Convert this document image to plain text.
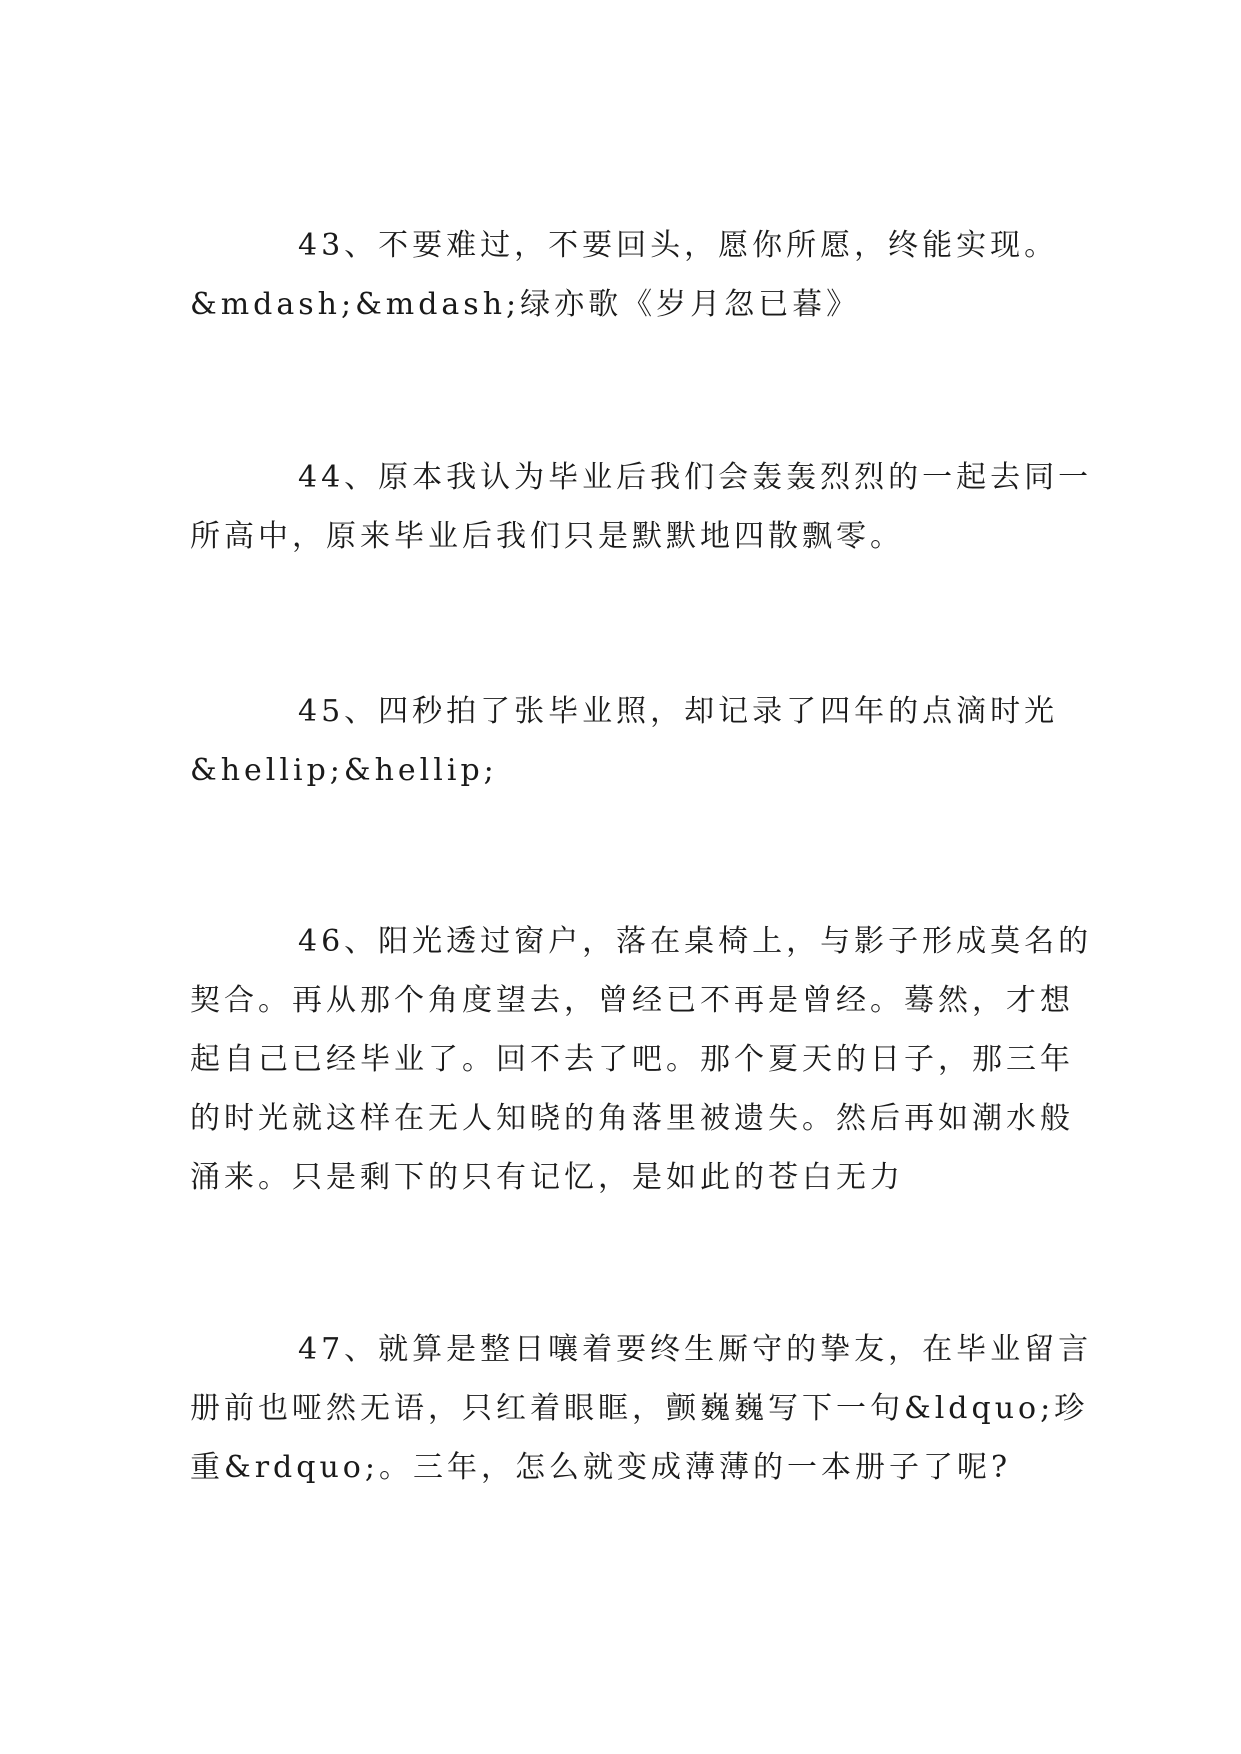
43、不要难过，不要回头，愿你所愿，终能实现。
&mdash;&mdash;绿亦歌《岁月忽已暮》

44、原本我认为毕业后我们会轰轰烈烈的一起去同一
所高中，原来毕业后我们只是默默地四散飘零。

45、四秒拍了张毕业照，却记录了四年的点滴时光
&hellip;&hellip;

46、阳光透过窗户，落在桌椅上，与影子形成莫名的
契合。再从那个角度望去，曾经已不再是曾经。蓦然，才想
起自己已经毕业了。回不去了吧。那个夏天的日子，那三年
的时光就这样在无人知晓的角落里被遗失。然后再如潮水般
涌来。只是剩下的只有记忆，是如此的苍白无力

47、就算是整日嚷着要终生厮守的挚友，在毕业留言
册前也哑然无语，只红着眼眶，颤巍巍写下一句&ldquo;珍
重&rdquo;。三年，怎么就变成薄薄的一本册子了呢?
